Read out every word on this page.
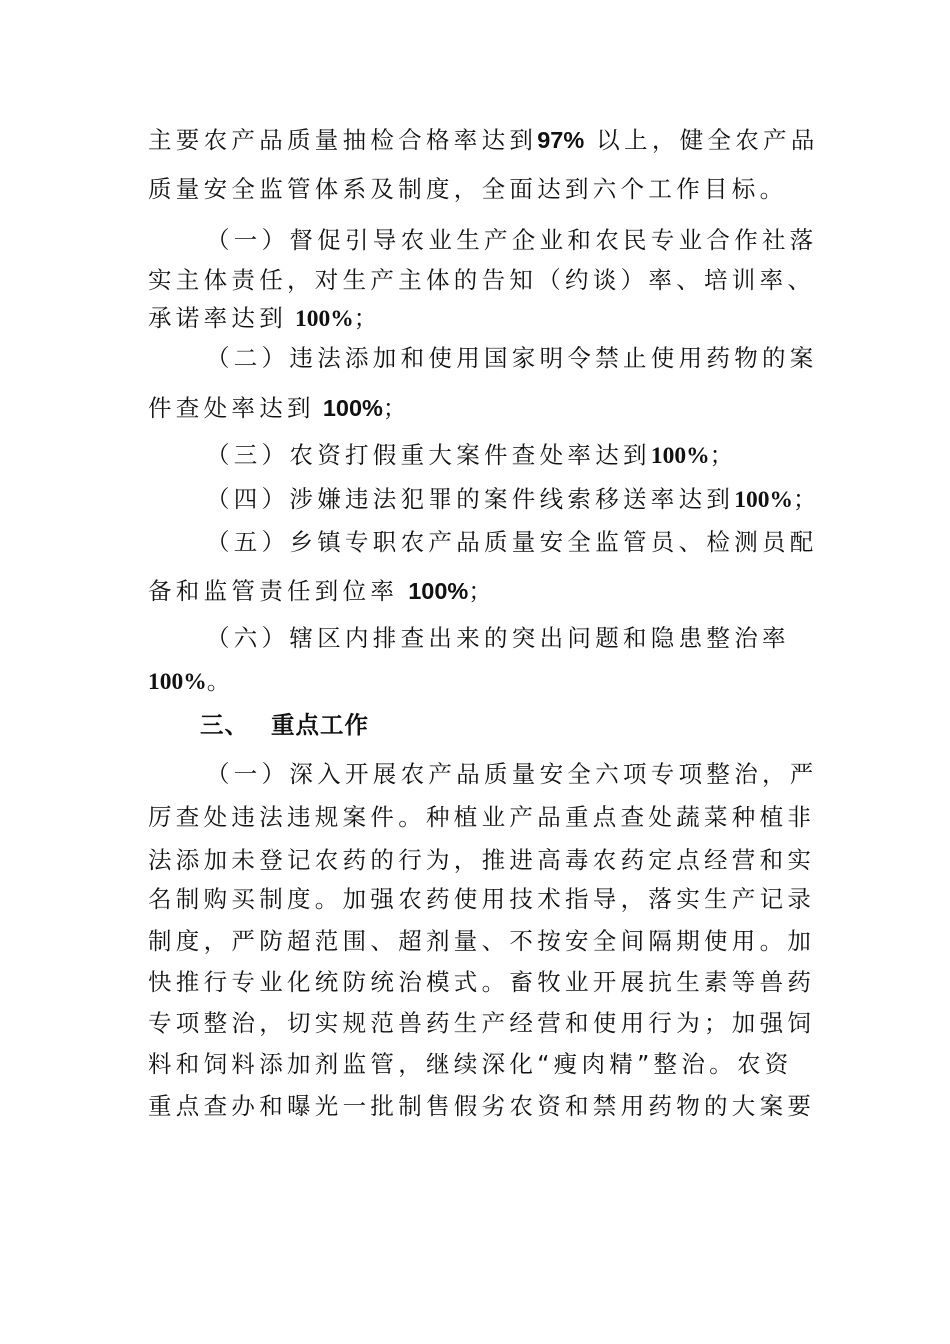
主要农产品质量抽检合格率达到97% 以上，健全农产品
质量安全监管体系及制度，全面达到六个工作目标。
（一）督促引导农业生产企业和农民专业合作社落
实主体责任，对生产主体的告知（约谈）率、培训率、
承诺率达到 100%；
（二）违法添加和使用国家明令禁止使用药物的案
件查处率达到 100%；
（三）农资打假重大案件查处率达到100%；
（四）涉嫌违法犯罪的案件线索移送率达到100%；
（五）乡镇专职农产品质量安全监管员、检测员配
备和监管责任到位率 100%；
（六）辖区内排查出来的突出问题和隐患整治率
100%。
三、 重点工作
（一）深入开展农产品质量安全六项专项整治，严
厉查处违法违规案件。种植业产品重点查处蔬菜种植非
法添加未登记农药的行为，推进高毒农药定点经营和实
名制购买制度。加强农药使用技术指导，落实生产记录
制度，严防超范围、超剂量、不按安全间隔期使用。加
快推行专业化统防统治模式。畜牧业开展抗生素等兽药
专项整治，切实规范兽药生产经营和使用行为；加强饲
料和饲料添加剂监管，继续深化“瘦肉精”整治。农资
重点查办和曝光一批制售假劣农资和禁用药物的大案要
